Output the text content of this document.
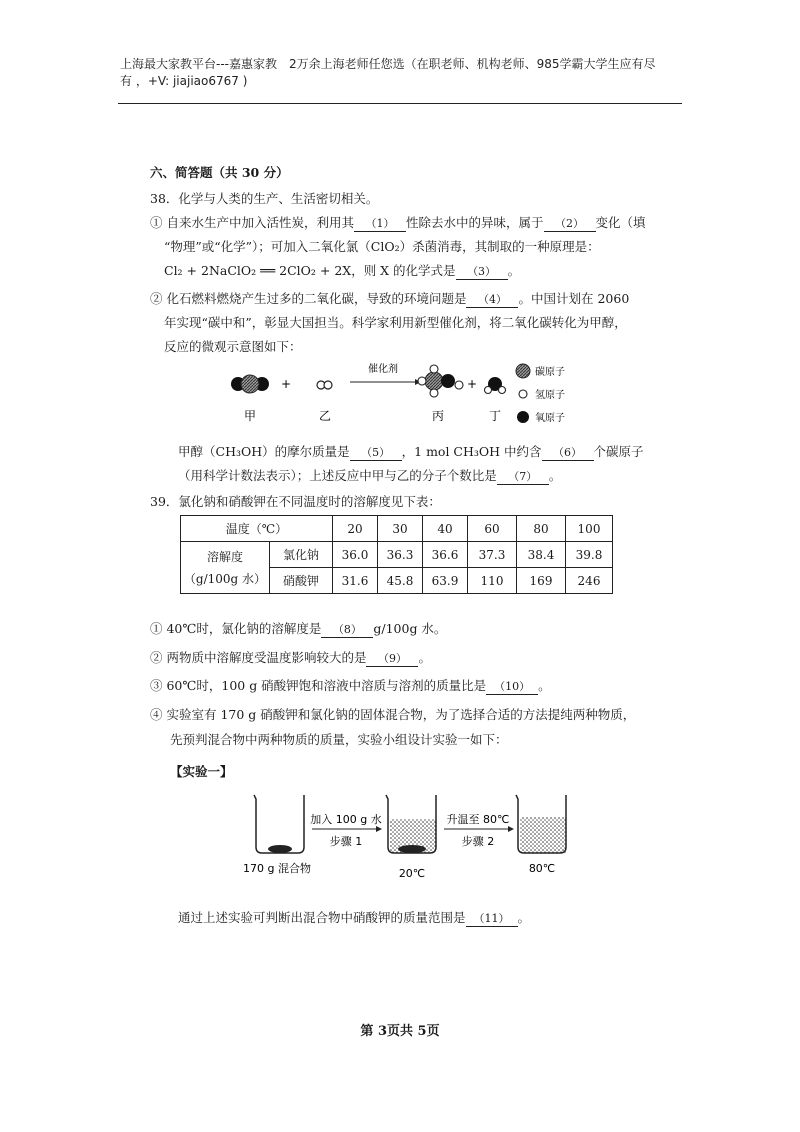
上海最大家教平台---嘉惠家教　2万余上海老师任您选（在职老师、机构老师、985学霸大学生应有尽
有 ，+V: jiajiao6767 )
六、简答题（共 30 分）
38．化学与人类的生产、生活密切相关。
① 自来水生产中加入活性炭，利用其 （1） 性除去水中的异味，属于 （2） 变化（填
“物理”或“化学”）；可加入二氧化氯（ClO₂）杀菌消毒，其制取的一种原理是：
Cl₂ + 2NaClO₂ ══ 2ClO₂ + 2X，则 X 的化学式是 （3） 。
② 化石燃料燃烧产生过多的二氧化碳，导致的环境问题是 （4） 。中国计划在 2060
年实现“碳中和”，彰显大国担当。科学家利用新型催化剂，将二氧化碳转化为甲醇，
反应的微观示意图如下：
+
催化剂
+
甲	乙	丙	丁
碳原子
氢原子
氧原子
甲醇（CH₃OH）的摩尔质量是 （5） ，1 mol CH₃OH 中约含 （6） 个碳原子
（用科学计数法表示）；上述反应中甲与乙的分子个数比是 （7） 。
39．氯化钠和硝酸钾在不同温度时的溶解度见下表：
温度（℃）		20	30	40	60	80	100

溶解度
（g/100g 水）	氯化钠	36.0	36.3	36.6	37.3	38.4	39.8
	硝酸钾	31.6	45.8	63.9	110	169	246
① 40℃时，氯化钠的溶解度是 （8） g/100g 水。
② 两物质中溶解度受温度影响较大的是 （9） 。
③ 60℃时，100 g 硝酸钾饱和溶液中溶质与溶剂的质量比是 （10） 。
④ 实验室有 170 g 硝酸钾和氯化钠的固体混合物，为了选择合适的方法提纯两种物质，
先预判混合物中两种物质的质量，实验小组设计实验一如下：
【实验一】
170 g 混合物
加入 100 g 水
步骤 1
20℃
升温至 80℃
步骤 2
80℃
通过上述实验可判断出混合物中硝酸钾的质量范围是 （11） 。
第 3页共 5页
